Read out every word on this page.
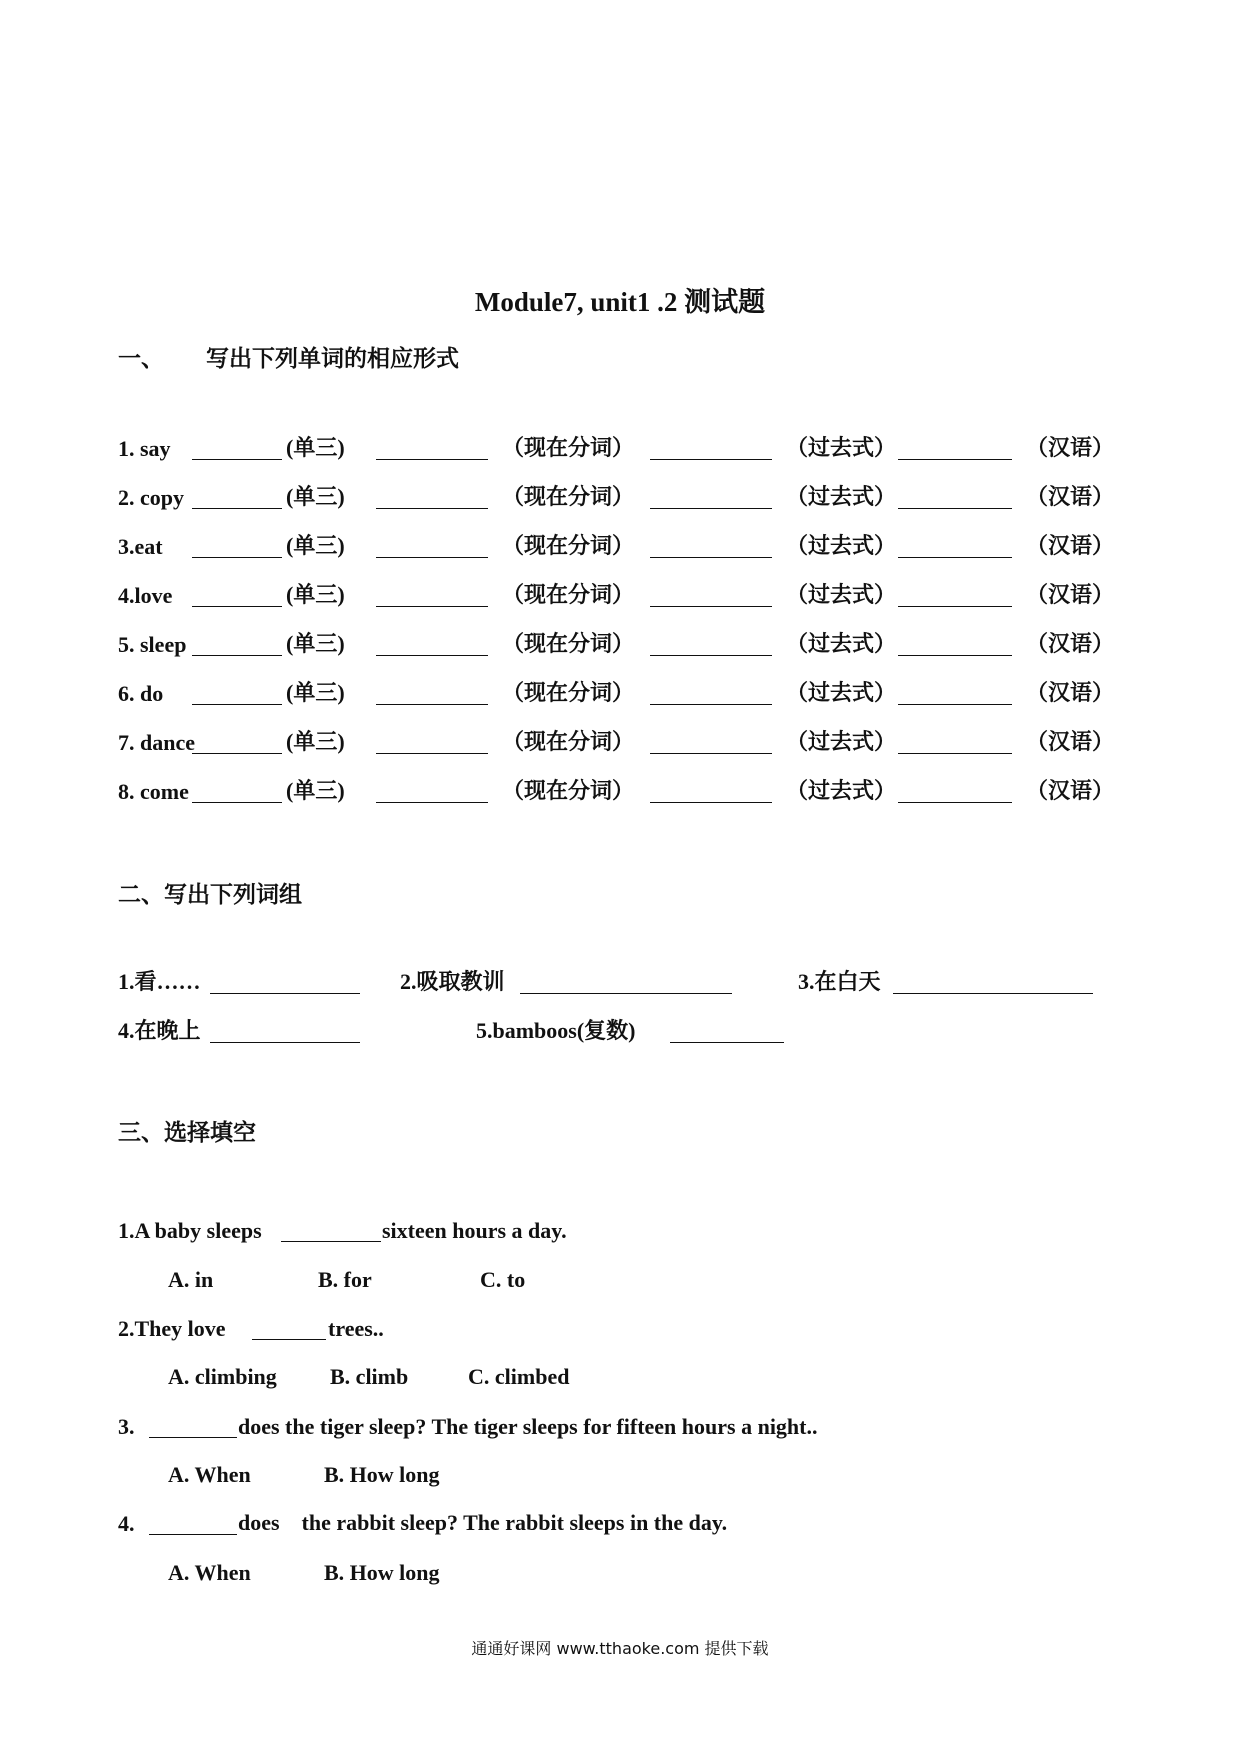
Module7, unit1 .2 测试题
一、 写出下列单词的相应形式
1. say	(单三)	（现在分词）	（过去式）	（汉语）
2. copy	(单三)	（现在分词）	（过去式）	（汉语）
3.eat	(单三)	（现在分词）	（过去式）	（汉语）
4.love	(单三)	（现在分词）	（过去式）	（汉语）
5. sleep	(单三)	（现在分词）	（过去式）	（汉语）
6. do	(单三)	（现在分词）	（过去式）	（汉语）
7. dance	(单三)	（现在分词）	（过去式）	（汉语）
8. come	(单三)	（现在分词）	（过去式）	（汉语）
二、写出下列词组
1.看……	2.吸取教训	3.在白天
4.在晚上	5.bamboos(复数)
三、选择填空
1.A baby sleeps	sixteen hours a day.
A. in	B. for	C. to
2.They love	trees..
A. climbing B. climb	C. climbed
3.	does the tiger sleep? The tiger sleeps for fifteen hours a night..
A. When	B. How long
4.	does　the rabbit sleep? The rabbit sleeps in the day.
A. When	B. How long
通通好课网 www.tthaoke.com 提供下载
